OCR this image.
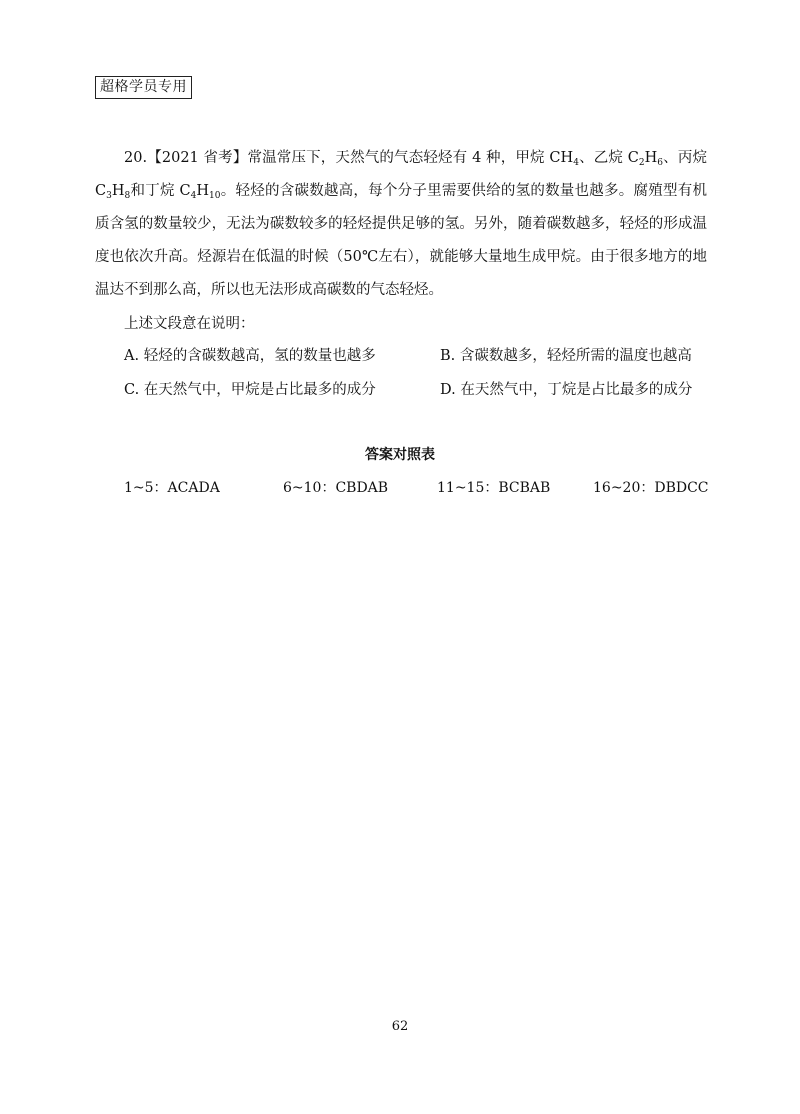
超格学员专用

20.【2021 省考】常温常压下，天然气的气态轻烃有 4 种，甲烷 $CH_4$、乙烷 $C_2H_6$、丙烷 $C_3H_8$和丁烷 $C_4H_{10}$。轻烃的含碳数越高，每个分子里需要供给的氢的数量也越多。腐殖型有机质含氢的数量较少，无法为碳数较多的轻烃提供足够的氢。另外，随着碳数越多，轻烃的形成温度也依次升高。烃源岩在低温的时候（50℃左右），就能够大量地生成甲烷。由于很多地方的地温达不到那么高，所以也无法形成高碳数的气态轻烃。

上述文段意在说明：
A. 轻烃的含碳数越高，氢的数量也越多	B. 含碳数越多，轻烃所需的温度也越高
C. 在天然气中，甲烷是占比最多的成分	D. 在天然气中，丁烷是占比最多的成分
答案对照表
1~5：ACADA	6~10：CBDAB	11~15：BCBAB	16~20：DBDCC
62
